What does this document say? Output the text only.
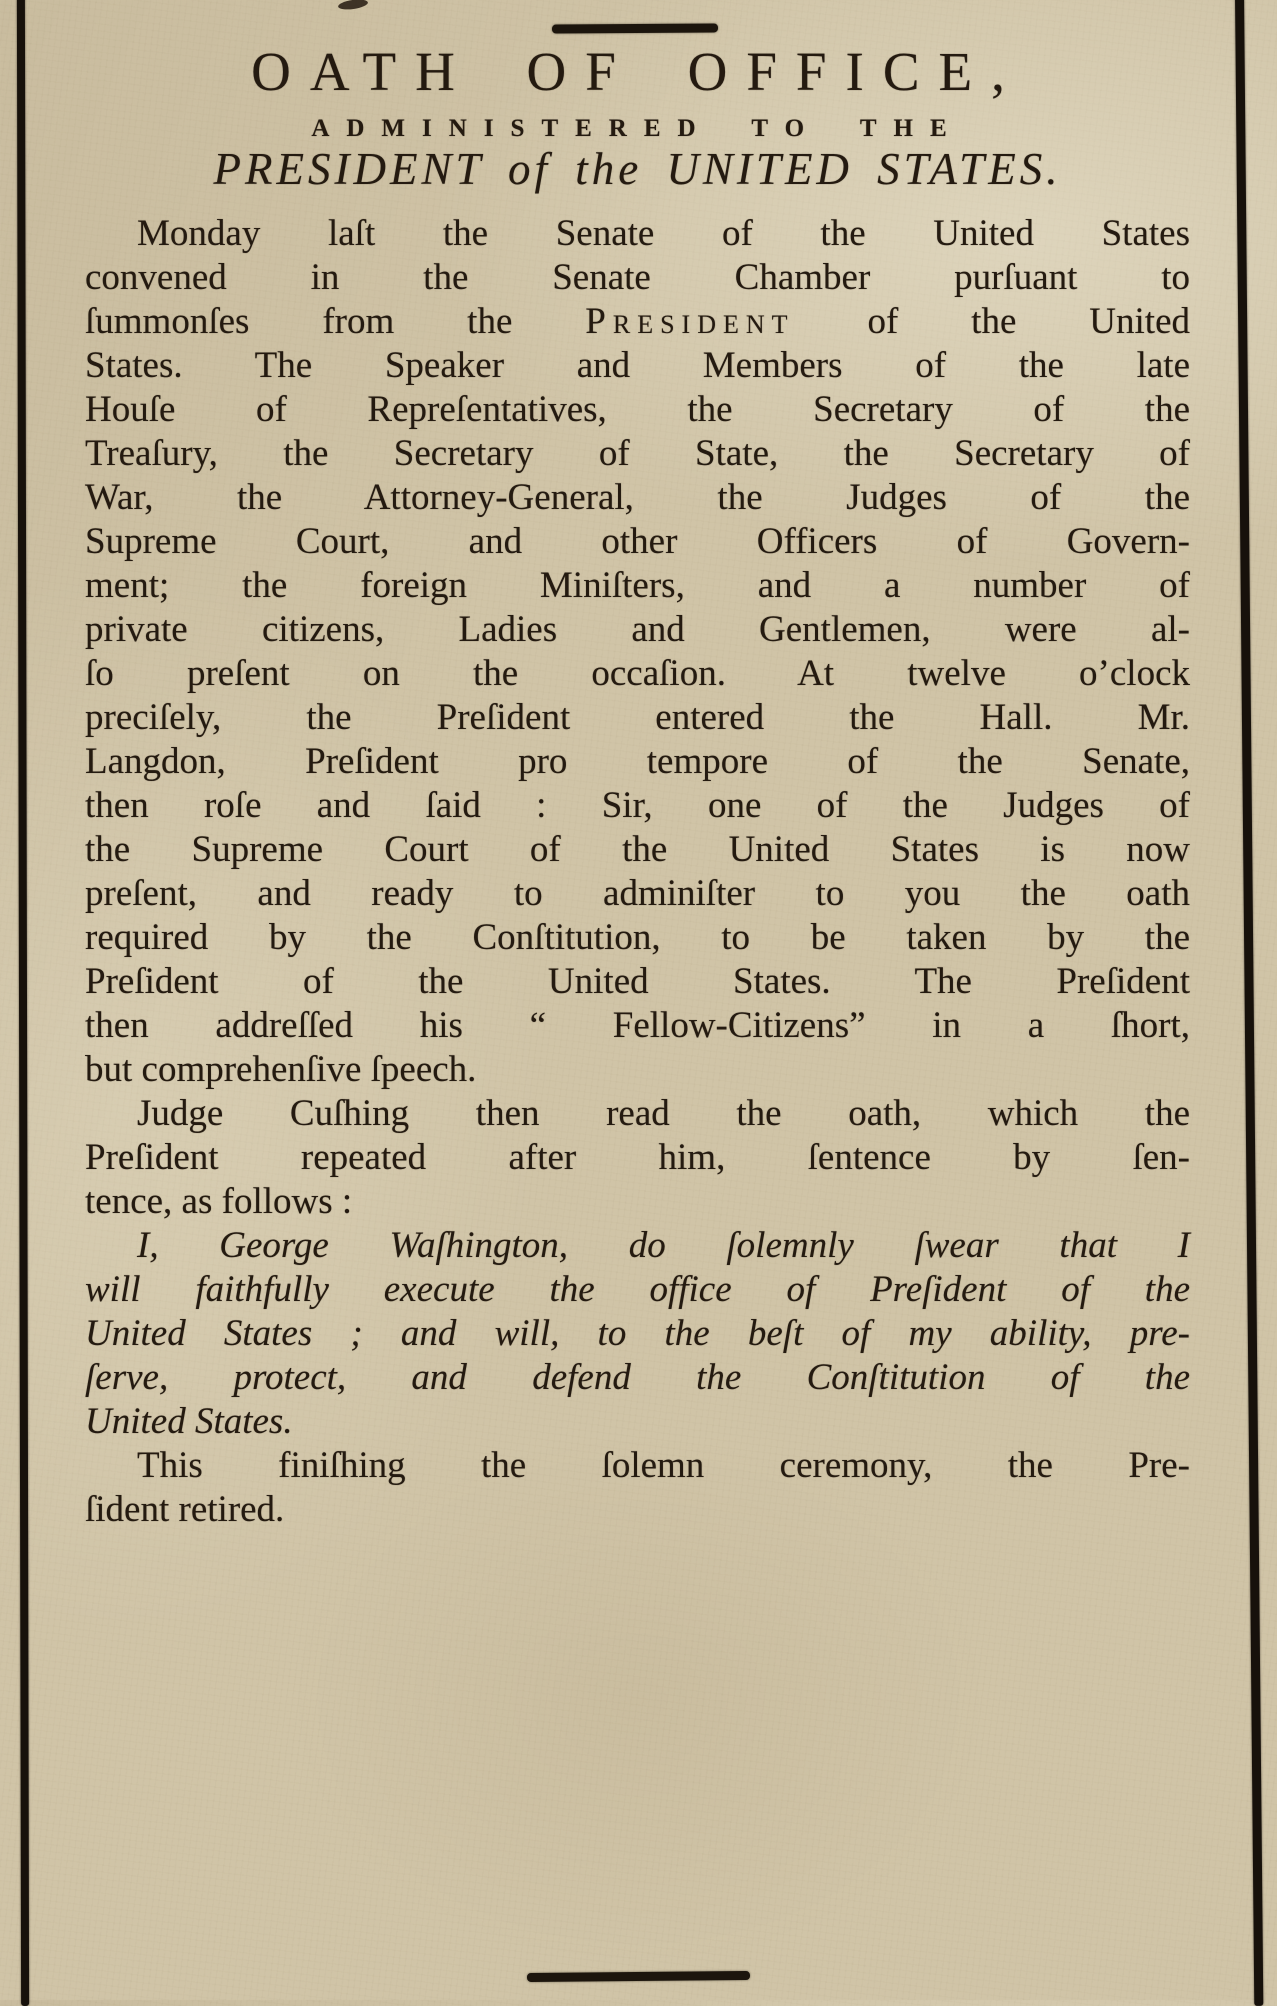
OATH OF OFFICE,
ADMINISTERED TO THE
PRESIDENT of the UNITED STATES.
Monday laſt the Senate of the United States
convened in the Senate Chamber purſuant to
ſummonſes from the President of the United
States. The Speaker and Members of the late
Houſe of Repreſentatives, the Secretary of the
Treaſury, the Secretary of State, the Secretary of
War, the Attorney-General, the Judges of the
Supreme Court, and other Officers of Govern-
ment; the foreign Miniſters, and a number of
private citizens, Ladies and Gentlemen, were al-
ſo preſent on the occaſion. At twelve o’clock
preciſely, the Preſident entered the Hall. Mr.
Langdon, Preſident pro tempore of the Senate,
then roſe and ſaid : Sir, one of the Judges of
the Supreme Court of the United States is now
preſent, and ready to adminiſter to you the oath
required by the Conſtitution, to be taken by the
Preſident of the United States. The Preſident
then addreſſed his “ Fellow-Citizens” in a ſhort,
but comprehenſive ſpeech.
Judge Cuſhing then read the oath, which the
Preſident repeated after him, ſentence by ſen-
tence, as follows :
I, George Waſhington, do ſolemnly ſwear that I
will faithfully execute the office of Preſident of the
United States ; and will, to the beſt of my ability, pre-
ſerve, protect, and defend the Conſtitution of the
United States.
This finiſhing the ſolemn ceremony, the Pre-
ſident retired.
